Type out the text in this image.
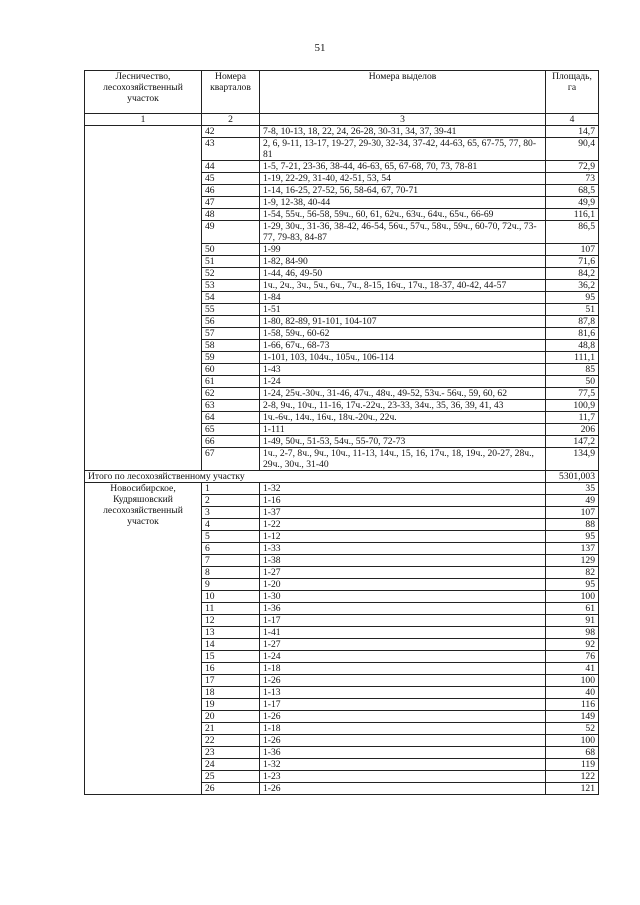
51
Лесничество, лесохозяйственный участок	Номера кварталов	Номера выделов	Площадь, га
1	2	3	4
	42	7-8, 10-13, 18, 22, 24, 26-28, 30-31, 34, 37, 39-41	14,7
	43	2, 6, 9-11, 13-17, 19-27, 29-30, 32-34, 37-42, 44-63, 65, 67-75, 77, 80-81	90,4
	44	1-5, 7-21, 23-36, 38-44, 46-63, 65, 67-68, 70, 73, 78-81	72,9
	45	1-19, 22-29, 31-40, 42-51, 53, 54	73
	46	1-14, 16-25, 27-52, 56, 58-64, 67, 70-71	68,5
	47	1-9, 12-38, 40-44	49,9
	48	1-54, 55ч., 56-58, 59ч., 60, 61, 62ч., 63ч., 64ч., 65ч., 66-69	116,1
	49	1-29, 30ч., 31-36, 38-42, 46-54, 56ч., 57ч., 58ч., 59ч., 60-70, 72ч., 73-77, 79-83, 84-87	86,5
	50	1-99	107
	51	1-82, 84-90	71,6
	52	1-44, 46, 49-50	84,2
	53	1ч., 2ч., 3ч., 5ч., 6ч., 7ч., 8-15, 16ч., 17ч., 18-37, 40-42, 44-57	36,2
	54	1-84	95
	55	1-51	51
	56	1-80, 82-89, 91-101, 104-107	87,8
	57	1-58, 59ч., 60-62	81,6
	58	1-66, 67ч., 68-73	48,8
	59	1-101, 103, 104ч., 105ч., 106-114	111,1
	60	1-43	85
	61	1-24	50
	62	1-24, 25ч.-30ч., 31-46, 47ч., 48ч., 49-52, 53ч.- 56ч., 59, 60, 62	77,5
	63	2-8, 9ч., 10ч., 11-16, 17ч.-22ч., 23-33, 34ч., 35, 36, 39, 41, 43	100,9
	64	1ч.-6ч., 14ч., 16ч., 18ч.-20ч., 22ч.	11,7
	65	1-111	206
	66	1-49, 50ч., 51-53, 54ч., 55-70, 72-73	147,2
	67	1ч., 2-7, 8ч., 9ч., 10ч., 11-13, 14ч., 15, 16, 17ч., 18, 19ч., 20-27, 28ч., 29ч., 30ч., 31-40	134,9
Итого по лесохозяйственному участку			5301,003
Новосибирское, Кудряшовский лесохозяйственный участок	1	1-32	35
	2	1-16	49
	3	1-37	107
	4	1-22	88
	5	1-12	95
	6	1-33	137
	7	1-38	129
	8	1-27	82
	9	1-20	95
	10	1-30	100
	11	1-36	61
	12	1-17	91
	13	1-41	98
	14	1-27	92
	15	1-24	76
	16	1-18	41
	17	1-26	100
	18	1-13	40
	19	1-17	116
	20	1-26	149
	21	1-18	52
	22	1-26	100
	23	1-36	68
	24	1-32	119
	25	1-23	122
	26	1-26	121
